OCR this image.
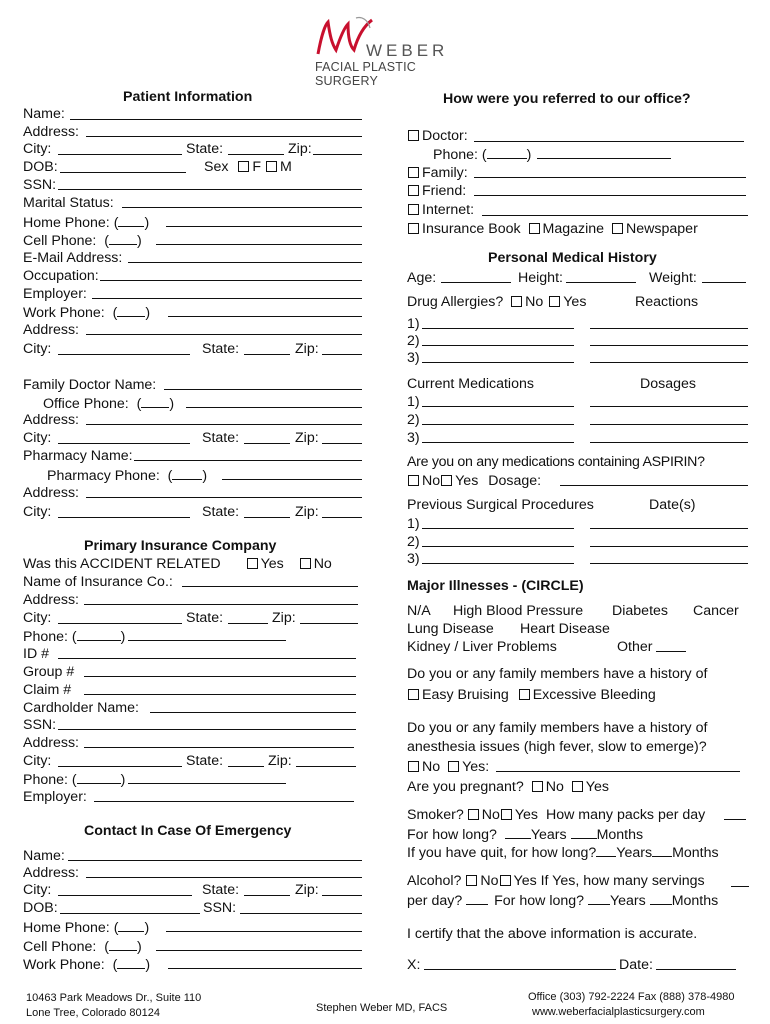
WEBER
FACIAL PLASTIC SURGERY
Patient Information
Name:
Address:
City:	State:	Zip:
DOB:	Sex F M
SSN:
Marital Status:
Home Phone: ( )
Cell Phone:  ( )
E-Mail Address:
Occupation:
Employer:
Work Phone:  ( )
Address:
City:	State:	Zip:
Family Doctor Name:
Office Phone:  ( )
Address:
City:	State:	Zip:
Pharmacy Name:
Pharmacy Phone:  ( )
Address:
City:	State:	Zip:
Primary Insurance Company
Was this ACCIDENT RELATED	Yes No
Name of Insurance Co.:
Address:
City:	State:	Zip:
Phone: (	)
ID #
Group #
Claim #
Cardholder Name:
SSN:
Address:
City:	State:	Zip:
Phone: (	)
Employer:
Contact In Case Of Emergency
Name:
Address:
City:	State:	Zip:
DOB:	SSN:
Home Phone: ( )
Cell Phone:  ( )
Work Phone:  ( )
How were you referred to our office?
Doctor:
Phone: (	)
Family:
Friend:
Internet:
Insurance Book Magazine Newspaper
Personal Medical History
Age:	Height:	Weight:
Drug Allergies? No Yes	Reactions
1)
2)
3)
Current Medications	Dosages
1)
2)
3)
Are you on any medications containing ASPIRIN?
No Yes Dosage:
Previous Surgical Procedures	Date(s)
1)
2)
3)
Major Illnesses - (CIRCLE)
N/A High Blood Pressure Diabetes Cancer
Lung Disease Heart Disease
Kidney / Liver Problems	Other
Do you or any family members have a history of
Easy Bruising Excessive Bleeding
Do you or any family members have a history of
anesthesia issues (high fever, slow to emerge)?
No Yes:
Are you pregnant? No Yes
Smoker? No Yes How many packs per day
For how long? Years Months
If you have quit, for how long? Years Months
Alcohol? No Yes If Yes, how many servings
per day? For how long? Years Months
I certify that the above information is accurate.
X:	Date:
10463 Park Meadows Dr., Suite 110
Lone Tree, Colorado 80124	Stephen Weber MD, FACS
Office (303) 792-2224 Fax (888) 378-4980
www.weberfacialplasticsurgery.com
